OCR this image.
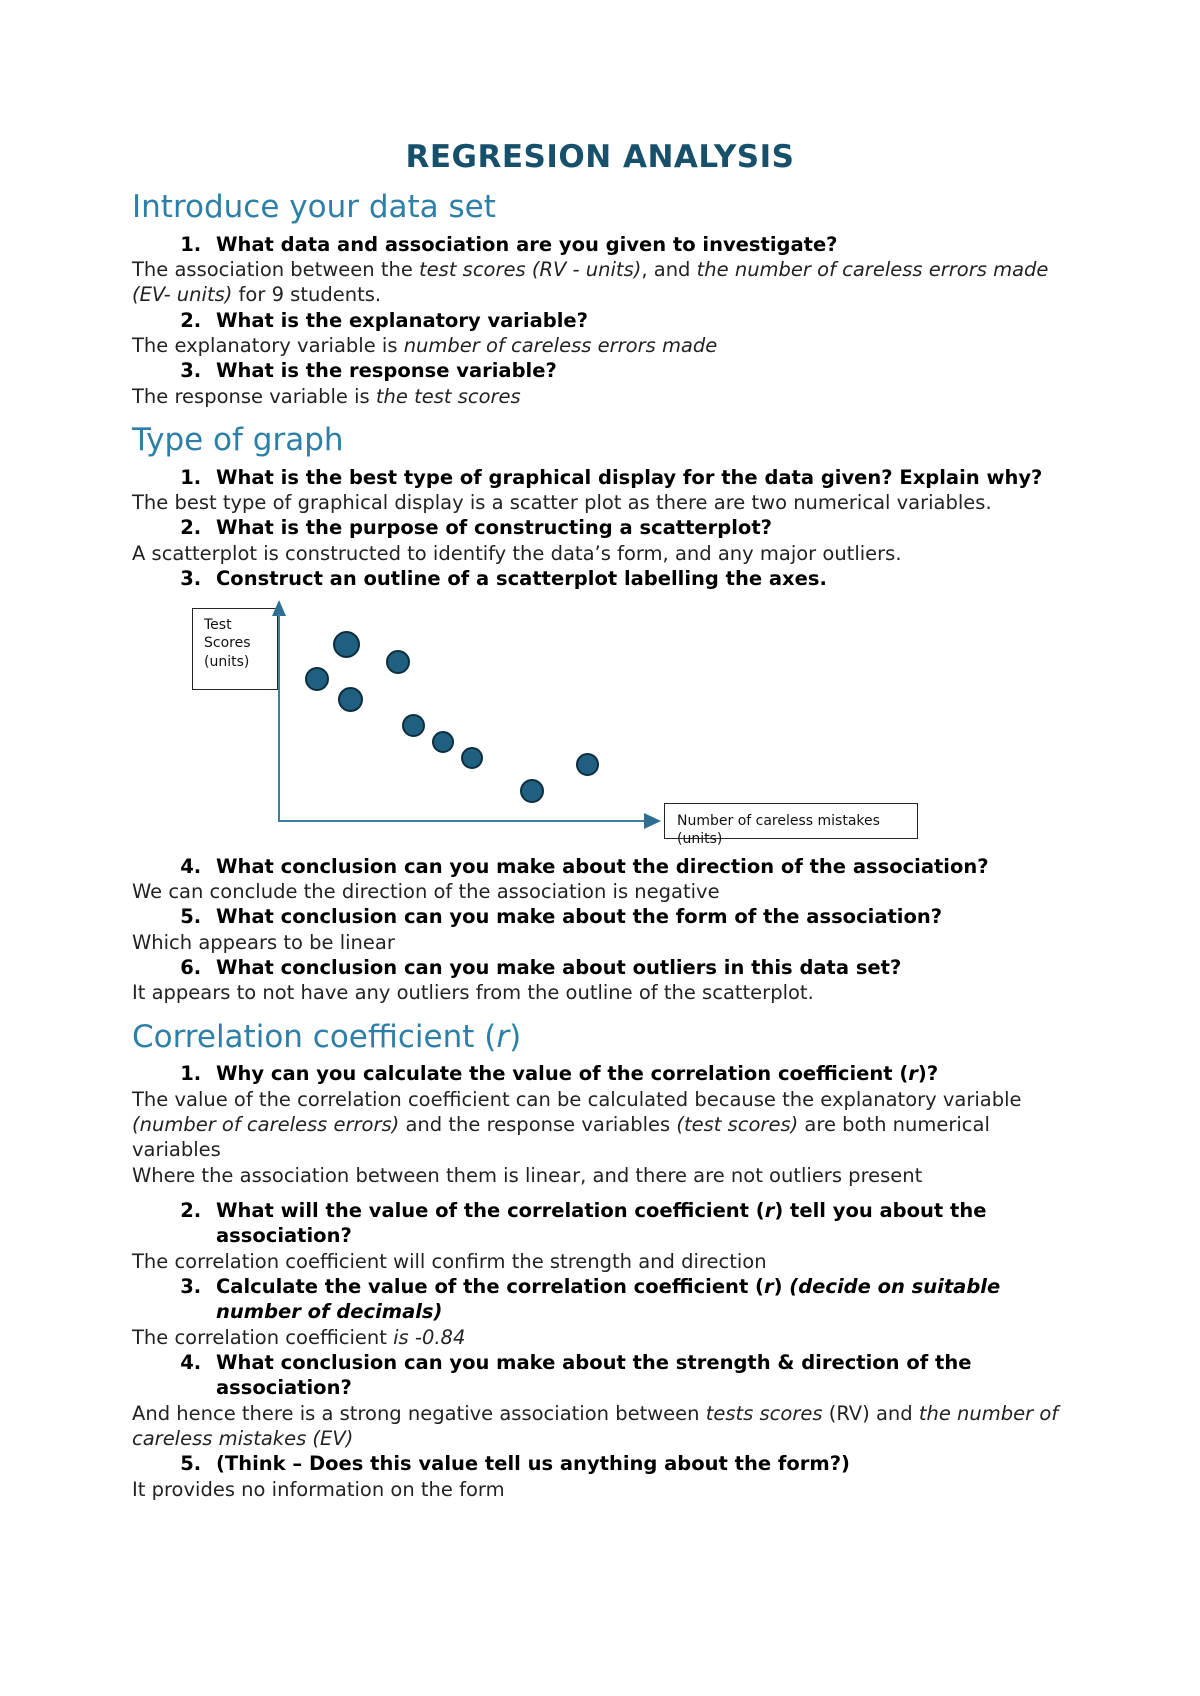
REGRESION ANALYSIS
Introduce your data set
1. What data and association are you given to investigate?

The association between the test scores (RV - units), and the number of careless errors made (EV- units) for 9 students.

2. What is the explanatory variable?

The explanatory variable is number of careless errors made

3. What is the response variable?

The response variable is the test scores

Type of graph
1. What is the best type of graphical display for the data given? Explain why?

The best type of graphical display is a scatter plot as there are two numerical variables.

2. What is the purpose of constructing a scatterplot?

A scatterplot is constructed to identify the data’s form, and any major outliers.

3. Construct an outline of a scatterplot labelling the axes.
Test
Scores
(units)
Number of careless mistakes
(units)
4. What conclusion can you make about the direction of the association?

We can conclude the direction of the association is negative

5. What conclusion can you make about the form of the association?

Which appears to be linear

6. What conclusion can you make about outliers in this data set?

It appears to not have any outliers from the outline of the scatterplot.

Correlation coefficient (r)
1. Why can you calculate the value of the correlation coefficient (r)?

The value of the correlation coefficient can be calculated because the explanatory variable (number of careless errors) and the response variables (test scores) are both numerical variables

Where the association between them is linear, and there are not outliers present

2. What will the value of the correlation coefficient (r) tell you about the association?

The correlation coefficient will confirm the strength and direction

3. Calculate the value of the correlation coefficient (r) (decide on suitable number of decimals)

The correlation coefficient is -0.84

4. What conclusion can you make about the strength & direction of the association?

And hence there is a strong negative association between tests scores (RV) and the number of careless mistakes (EV)

5. (Think – Does this value tell us anything about the form?)

It provides no information on the form
